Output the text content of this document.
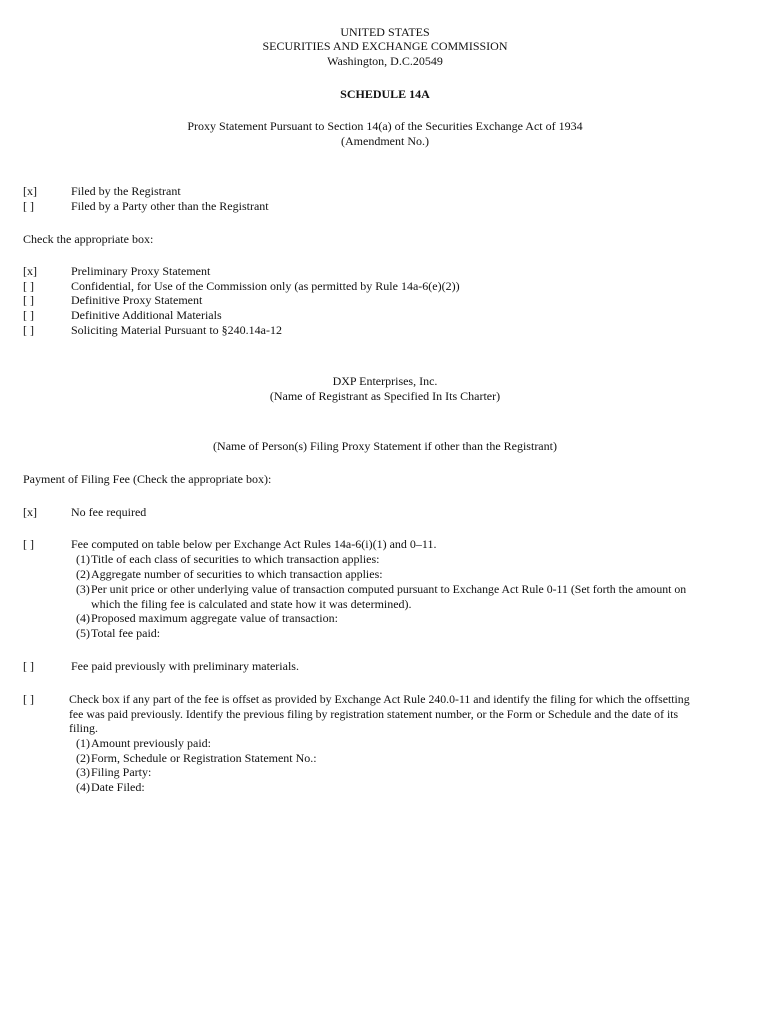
UNITED STATES
SECURITIES AND EXCHANGE COMMISSION
Washington, D.C.20549
SCHEDULE 14A
Proxy Statement Pursuant to Section 14(a) of the Securities Exchange Act of 1934
(Amendment No.)
[x]	Filed by the Registrant
[ ]	Filed by a Party other than the Registrant
Check the appropriate box:
[x]	Preliminary Proxy Statement
[ ]	Confidential, for Use of the Commission only (as permitted by Rule 14a-6(e)(2))
[ ]	Definitive Proxy Statement
[ ]	Definitive Additional Materials
[ ]	Soliciting Material Pursuant to §240.14a-12
DXP Enterprises, Inc.
(Name of Registrant as Specified In Its Charter)
(Name of Person(s) Filing Proxy Statement if other than the Registrant)
Payment of Filing Fee (Check the appropriate box):
[x]	No fee required
[ ]	Fee computed on table below per Exchange Act Rules 14a-6(i)(1) and 0–11.
(1)Title of each class of securities to which transaction applies:
(2)Aggregate number of securities to which transaction applies:
(3)Per unit price or other underlying value of transaction computed pursuant to Exchange Act Rule 0-11 (Set forth the amount on
which the filing fee is calculated and state how it was determined).
(4)Proposed maximum aggregate value of transaction:
(5)Total fee paid:
[ ]	Fee paid previously with preliminary materials.
[ ]	Check box if any part of the fee is offset as provided by Exchange Act Rule 240.0-11 and identify the filing for which the offsetting
fee was paid previously. Identify the previous filing by registration statement number, or the Form or Schedule and the date of its
filing.
(1)Amount previously paid:
(2)Form, Schedule or Registration Statement No.:
(3)Filing Party:
(4)Date Filed:
